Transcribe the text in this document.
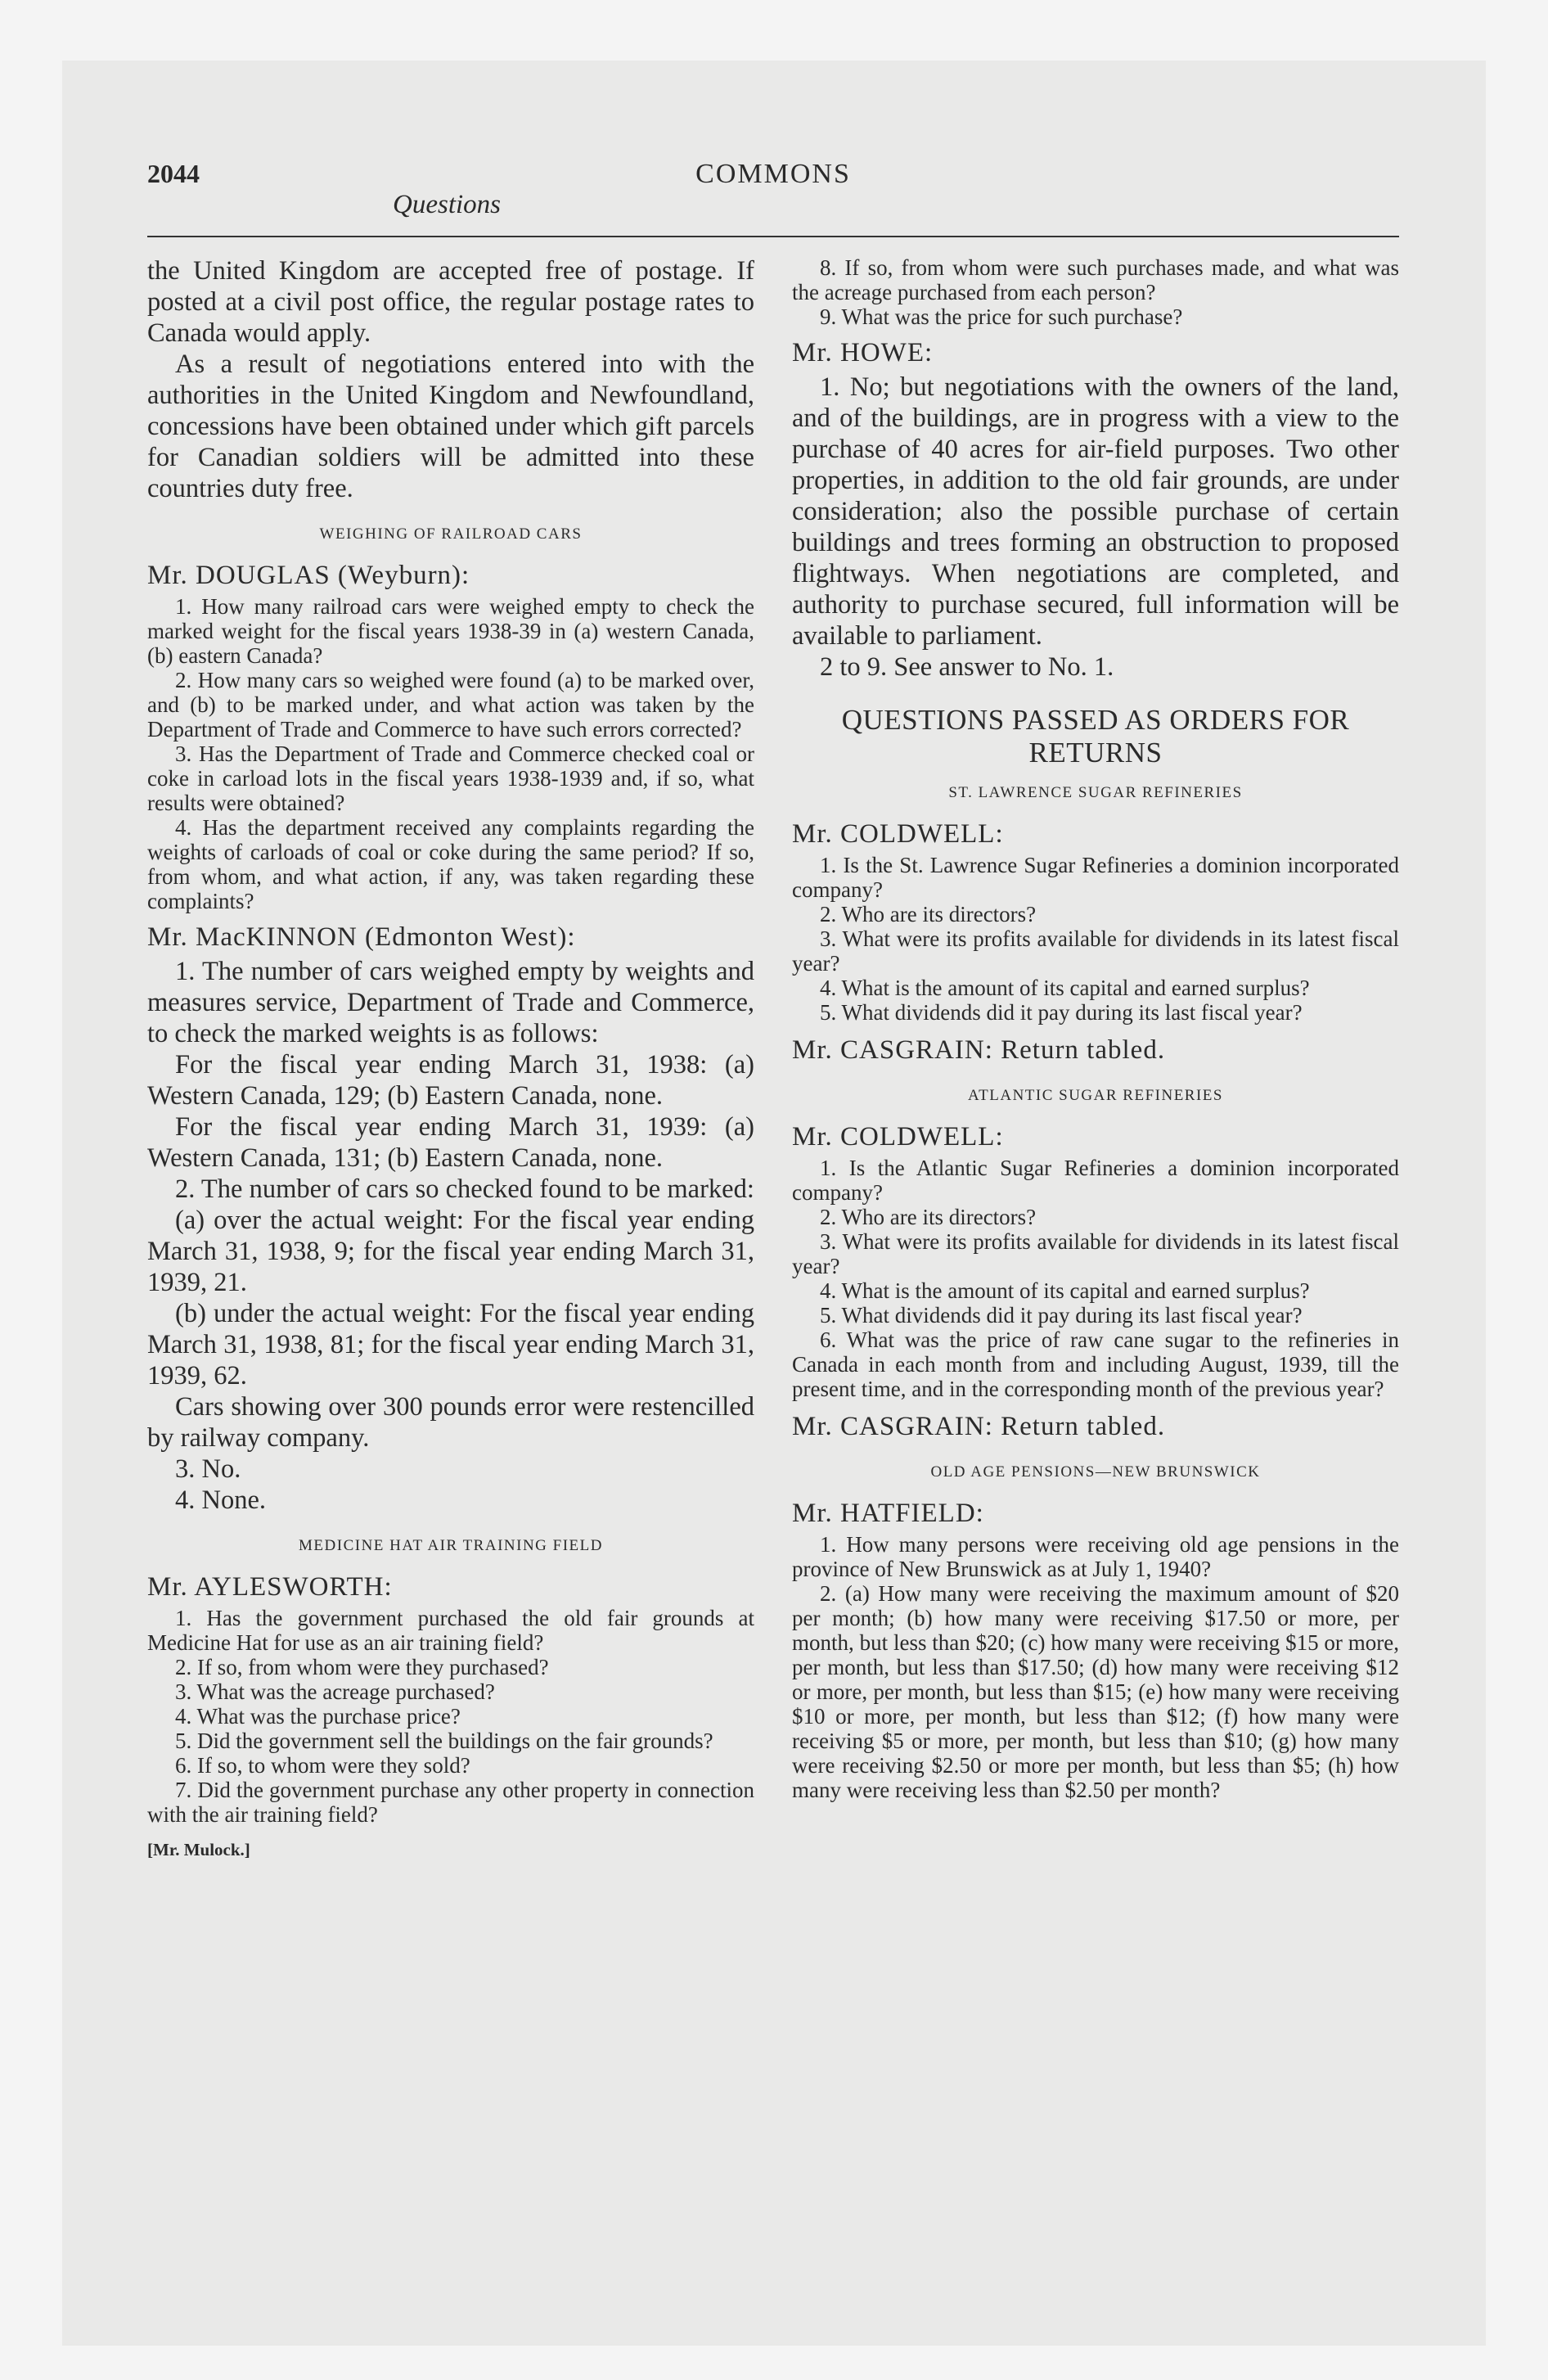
2044	COMMONS
Questions

the United Kingdom are accepted free of postage. If posted at a civil post office, the regular postage rates to Canada would apply.

As a result of negotiations entered into with the authorities in the United Kingdom and Newfoundland, concessions have been obtained under which gift parcels for Canadian soldiers will be admitted into these countries duty free.

WEIGHING OF RAILROAD CARS
Mr. DOUGLAS (Weyburn):

1. How many railroad cars were weighed empty to check the marked weight for the fiscal years 1938-39 in (a) western Canada, (b) eastern Canada?

2. How many cars so weighed were found (a) to be marked over, and (b) to be marked under, and what action was taken by the Department of Trade and Commerce to have such errors corrected?

3. Has the Department of Trade and Commerce checked coal or coke in carload lots in the fiscal years 1938-1939 and, if so, what results were obtained?

4. Has the department received any complaints regarding the weights of carloads of coal or coke during the same period? If so, from whom, and what action, if any, was taken regarding these complaints?

Mr. MacKINNON (Edmonton West):

1. The number of cars weighed empty by weights and measures service, Department of Trade and Commerce, to check the marked weights is as follows:

For the fiscal year ending March 31, 1938: (a) Western Canada, 129; (b) Eastern Canada, none.

For the fiscal year ending March 31, 1939: (a) Western Canada, 131; (b) Eastern Canada, none.

2. The number of cars so checked found to be marked:

(a) over the actual weight: For the fiscal year ending March 31, 1938, 9; for the fiscal year ending March 31, 1939, 21.

(b) under the actual weight: For the fiscal year ending March 31, 1938, 81; for the fiscal year ending March 31, 1939, 62.

Cars showing over 300 pounds error were restencilled by railway company.

3. No.

4. None.

MEDICINE HAT AIR TRAINING FIELD
Mr. AYLESWORTH:

1. Has the government purchased the old fair grounds at Medicine Hat for use as an air training field?

2. If so, from whom were they purchased?

3. What was the acreage purchased?

4. What was the purchase price?

5. Did the government sell the buildings on the fair grounds?

6. If so, to whom were they sold?

7. Did the government purchase any other property in connection with the air training field?

[Mr. Mulock.]

8. If so, from whom were such purchases made, and what was the acreage purchased from each person?

9. What was the price for such purchase?

Mr. HOWE:

1. No; but negotiations with the owners of the land, and of the buildings, are in progress with a view to the purchase of 40 acres for air-field purposes. Two other properties, in addition to the old fair grounds, are under consideration; also the possible purchase of certain buildings and trees forming an obstruction to proposed flightways. When negotiations are completed, and authority to purchase secured, full information will be available to parliament.

2 to 9. See answer to No. 1.

QUESTIONS PASSED AS ORDERS FOR RETURNS
ST. LAWRENCE SUGAR REFINERIES
Mr. COLDWELL:

1. Is the St. Lawrence Sugar Refineries a dominion incorporated company?

2. Who are its directors?

3. What were its profits available for dividends in its latest fiscal year?

4. What is the amount of its capital and earned surplus?

5. What dividends did it pay during its last fiscal year?

Mr. CASGRAIN: Return tabled.
ATLANTIC SUGAR REFINERIES
Mr. COLDWELL:

1. Is the Atlantic Sugar Refineries a dominion incorporated company?

2. Who are its directors?

3. What were its profits available for dividends in its latest fiscal year?

4. What is the amount of its capital and earned surplus?

5. What dividends did it pay during its last fiscal year?

6. What was the price of raw cane sugar to the refineries in Canada in each month from and including August, 1939, till the present time, and in the corresponding month of the previous year?

Mr. CASGRAIN: Return tabled.
OLD AGE PENSIONS—NEW BRUNSWICK
Mr. HATFIELD:

1. How many persons were receiving old age pensions in the province of New Brunswick as at July 1, 1940?

2. (a) How many were receiving the maximum amount of $20 per month; (b) how many were receiving $17.50 or more, per month, but less than $20; (c) how many were receiving $15 or more, per month, but less than $17.50; (d) how many were receiving $12 or more, per month, but less than $15; (e) how many were receiving $10 or more, per month, but less than $12; (f) how many were receiving $5 or more, per month, but less than $10; (g) how many were receiving $2.50 or more per month, but less than $5; (h) how many were receiving less than $2.50 per month?
